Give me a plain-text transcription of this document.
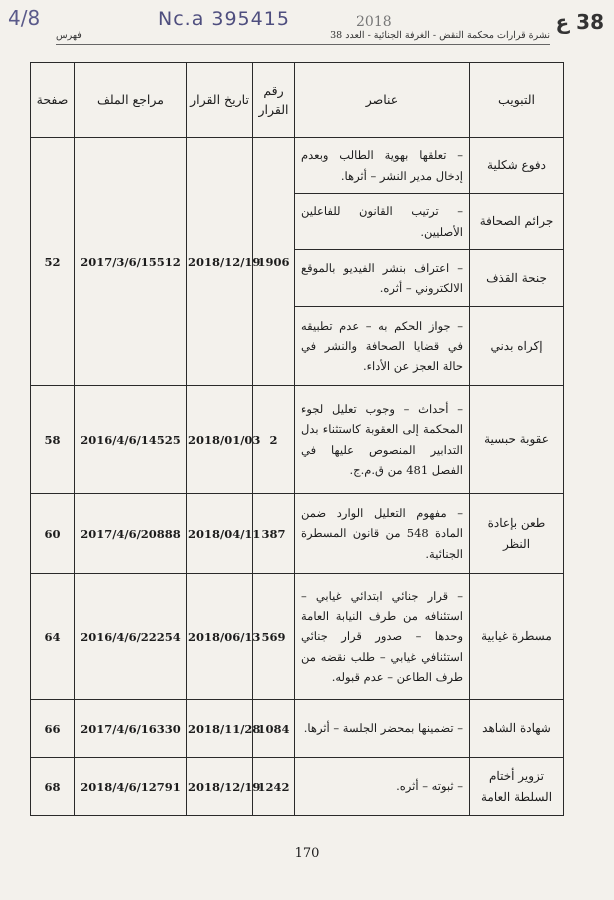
4/8	Nc.a 395415	2018	38 ع
نشرة قرارات محكمة النقض - الغرفة الجنائية - العدد 38
فهرس
التبويب	عناصر	رقم القرار	تاريخ القرار	مراجع الملف	صفحة
دفوع شكلية	– تعلقها بهوية الطالب وبعدم إدخال مدير النشر – أثرها.	1906	2018/12/19	2017/3/6/15512	52
جرائم الصحافة	– ترتيب القانون للفاعلين الأصليين.				
جنحة القذف	– اعتراف بنشر الفيديو بالموقع الالكتروني – أثره.				
إكراه بدني	– جواز الحكم به – عدم تطبيقه في قضايا الصحافة والنشر في حالة العجز عن الأداء.				
عقوبة حبسية	– أحداث – وجوب تعليل لجوء المحكمة إلى العقوبة كاستثناء بدل التدابير المنصوص عليها في الفصل 481 من ق.م.ج.	2	2018/01/03	2016/4/6/14525	58
طعن بإعادة النظر	– مفهوم التعليل الوارد ضمن المادة 548 من قانون المسطرة الجنائية.	387	2018/04/11	2017/4/6/20888	60
مسطرة غيابية	– قرار جنائي ابتدائي غيابي – استئنافه من طرف النيابة العامة وحدها – صدور قرار جنائي استئنافي غيابي – طلب نقضه من طرف الطاعن – عدم قبوله.	569	2018/06/13	2016/4/6/22254	64
شهادة الشاهد	– تضمينها بمحضر الجلسة – أثرها.	1084	2018/11/28	2017/4/6/16330	66
تزوير أختام السلطة العامة	– ثبوته – أثره.	1242	2018/12/19	2018/4/6/12791	68
170
